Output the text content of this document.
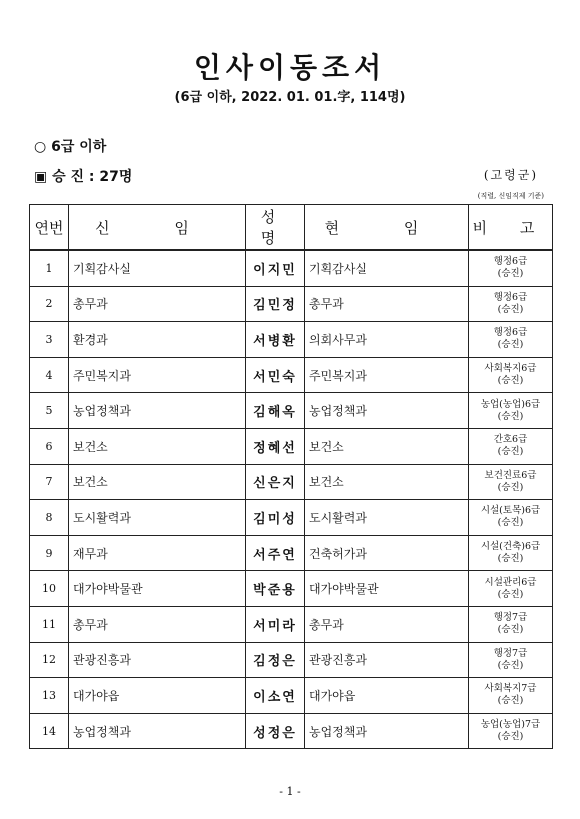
인사이동조서
(6급 이하, 2022. 01. 01.字, 114명)
○ 6급 이하
▣ 승 진 : 27명	(고령군)
(직렬, 신임직제 기준)
연번	신 임	성 명	현 임	비 고
1	기획감사실	이지민	기획감사실	행정6급
(승진)

2	총무과	김민정	총무과	행정6급
(승진)

3	환경과	서병환	의회사무과	행정6급
(승진)

4	주민복지과	서민숙	주민복지과	사회복지6급
(승진)

5	농업정책과	김해옥	농업정책과	농업(농업)6급
(승진)

6	보건소	정혜선	보건소	간호6급
(승진)

7	보건소	신은지	보건소	보건진료6급
(승진)

8	도시활력과	김미성	도시활력과	시설(토목)6급
(승진)

9	재무과	서주연	건축허가과	시설(건축)6급
(승진)

10	대가야박물관	박준용	대가야박물관	시설관리6급
(승진)

11	총무과	서미라	총무과	행정7급
(승진)

12	관광진흥과	김정은	관광진흥과	행정7급
(승진)

13	대가야읍	이소연	대가야읍	사회복지7급
(승진)

14	농업정책과	성정은	농업정책과	농업(농업)7급
(승진)
- 1 -
